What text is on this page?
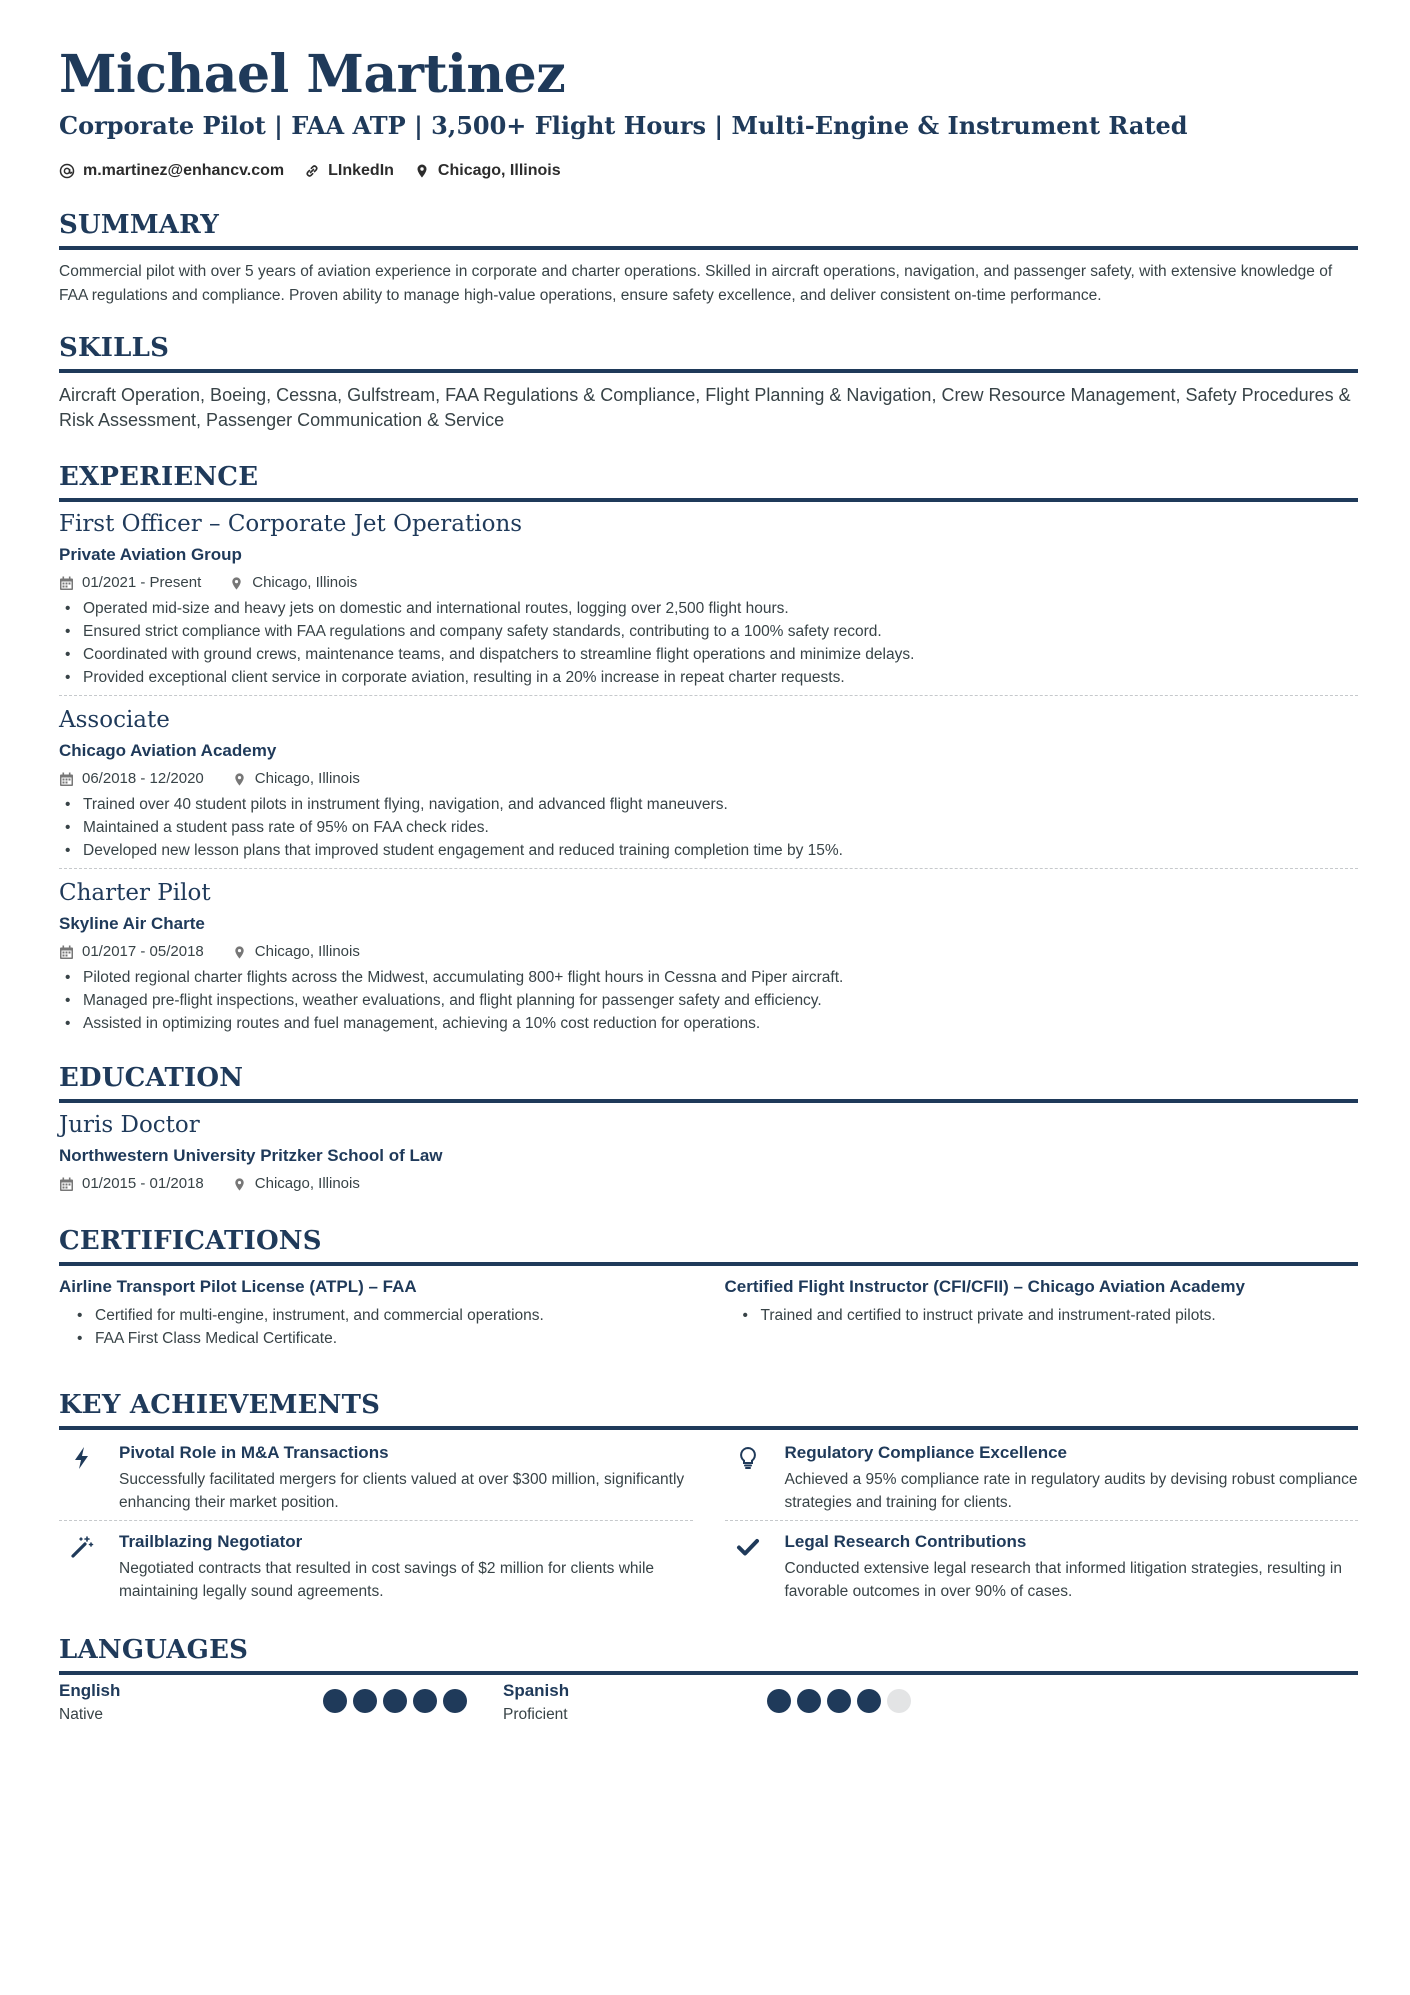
Michael Martinez
Corporate Pilot | FAA ATP | 3,500+ Flight Hours | Multi-Engine & Instrument Rated
m.martinez@enhancv.com	LInkedIn	Chicago, Illinois
SUMMARY
Commercial pilot with over 5 years of aviation experience in corporate and charter operations. Skilled in aircraft operations, navigation, and passenger safety, with extensive knowledge of FAA regulations and compliance. Proven ability to manage high-value operations, ensure safety excellence, and deliver consistent on-time performance.
SKILLS
Aircraft Operation, Boeing, Cessna, Gulfstream, FAA Regulations & Compliance, Flight Planning & Navigation, Crew Resource Management, Safety Procedures & Risk Assessment, Passenger Communication & Service
EXPERIENCE
First Officer – Corporate Jet Operations
Private Aviation Group
01/2021 - Present	Chicago, Illinois
• Operated mid-size and heavy jets on domestic and international routes, logging over 2,500 flight hours.
• Ensured strict compliance with FAA regulations and company safety standards, contributing to a 100% safety record.
• Coordinated with ground crews, maintenance teams, and dispatchers to streamline flight operations and minimize delays.
• Provided exceptional client service in corporate aviation, resulting in a 20% increase in repeat charter requests.
Associate
Chicago Aviation Academy
06/2018 - 12/2020	Chicago, Illinois
• Trained over 40 student pilots in instrument flying, navigation, and advanced flight maneuvers.
• Maintained a student pass rate of 95% on FAA check rides.
• Developed new lesson plans that improved student engagement and reduced training completion time by 15%.
Charter Pilot
Skyline Air Charte
01/2017 - 05/2018	Chicago, Illinois
• Piloted regional charter flights across the Midwest, accumulating 800+ flight hours in Cessna and Piper aircraft.
• Managed pre-flight inspections, weather evaluations, and flight planning for passenger safety and efficiency.
• Assisted in optimizing routes and fuel management, achieving a 10% cost reduction for operations.
EDUCATION
Juris Doctor
Northwestern University Pritzker School of Law
01/2015 - 01/2018	Chicago, Illinois
CERTIFICATIONS
Airline Transport Pilot License (ATPL) – FAA
• Certified for multi-engine, instrument, and commercial operations.
• FAA First Class Medical Certificate.
Certified Flight Instructor (CFI/CFII) – Chicago Aviation Academy
• Trained and certified to instruct private and instrument-rated pilots.
KEY ACHIEVEMENTS
Pivotal Role in M&A Transactions
Successfully facilitated mergers for clients valued at over $300 million, significantly enhancing their market position.
Regulatory Compliance Excellence
Achieved a 95% compliance rate in regulatory audits by devising robust compliance strategies and training for clients.
Trailblazing Negotiator
Negotiated contracts that resulted in cost savings of $2 million for clients while maintaining legally sound agreements.
Legal Research Contributions
Conducted extensive legal research that informed litigation strategies, resulting in favorable outcomes in over 90% of cases.
LANGUAGES
English
Native
Spanish
Proficient
